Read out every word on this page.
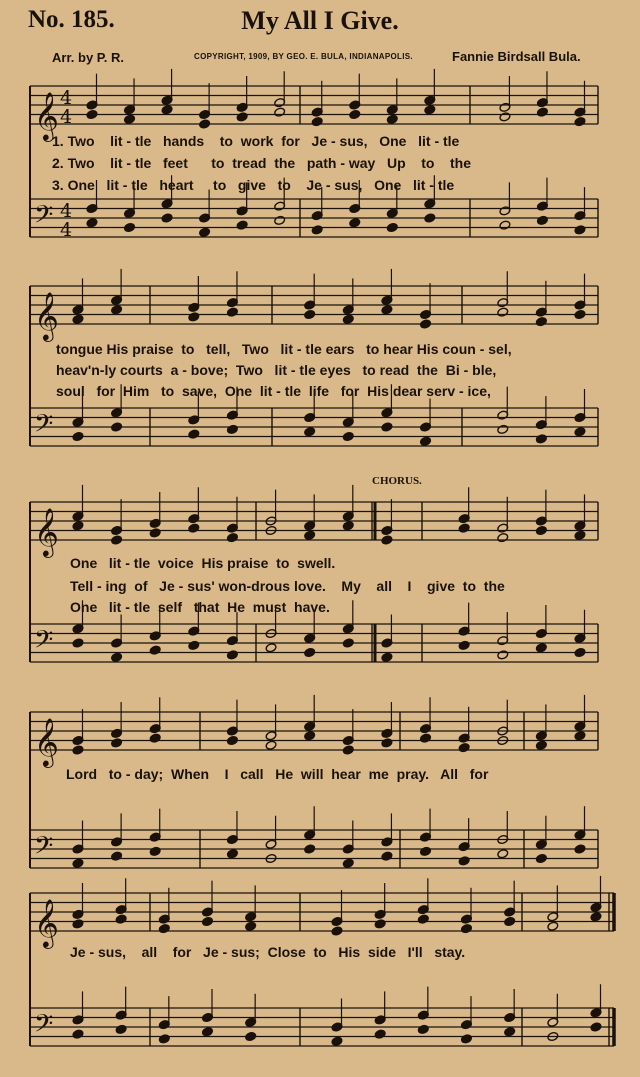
No. 185.	My All I Give.
Arr. by P. R.	COPYRIGHT, 1909, BY GEO. E. BULA, INDIANAPOLIS.	Fannie Birdsall Bula.
CHORUS.
𝄞
𝄢
4
4
4
4
𝄞
𝄢
𝄞
𝄢
𝄞
𝄢
𝄞
𝄢
1. Two    lit - tle   hands    to  work  for   Je - sus,   One   lit - tle
2. Two    lit - tle   feet      to  tread  the   path - way   Up    to    the
3. One   lit - tle   heart     to   give   to    Je - sus,   One   lit - tle
tongue His praise  to   tell,   Two   lit - tle ears   to hear His coun - sel,
heav'n-ly courts  a - bove;  Two   lit - tle eyes   to read  the  Bi - ble,
soul   for  Him   to  save,  One  lit - tle  life   for  His dear serv - ice,
One   lit - tle  voice  His praise  to  swell.
Tell - ing  of   Je - sus' won-drous love.    My    all    I    give  to  the
One   lit - tle  self   that  He  must  have.
Lord   to - day;  When    I   call   He  will  hear  me  pray.   All   for
Je - sus,    all    for   Je - sus;  Close  to   His  side   I'll   stay.
